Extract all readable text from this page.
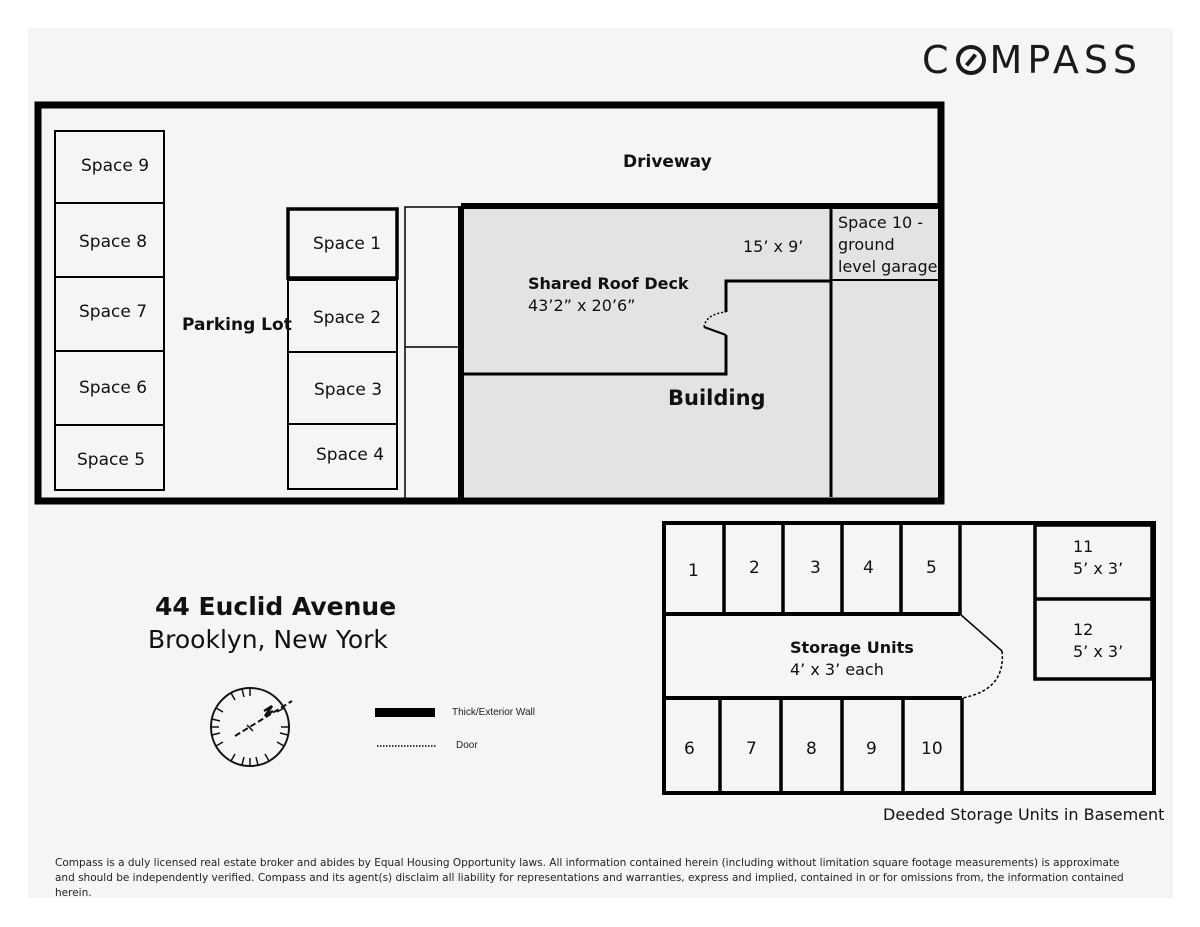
C MPASS
Driveway
Parking Lot
Space 9
Space 8
Space 7
Space 6
Space 5
Space 1
Space 2
Space 3
Space 4
Shared Roof Deck
43’2” x 20’6”
15’ x 9’
Building
Space 10 -
ground
level garage
44 Euclid Avenue
Brooklyn, New York
Thick/Exterior Wall
Door
1	2	3 4	5
6	7	8	9	10
11
5’ x 3’
12
5’ x 3’
Storage Units
4’ x 3’ each
Deeded Storage Units in Basement
Compass is a duly licensed real estate broker and abides by Equal Housing Opportunity laws. All information contained herein (including without limitation square footage measurements) is approximate and should be independently verified. Compass and its agent(s) disclaim all liability for representations and warranties, express and implied, contained in or for omissions from, the information contained herein.
